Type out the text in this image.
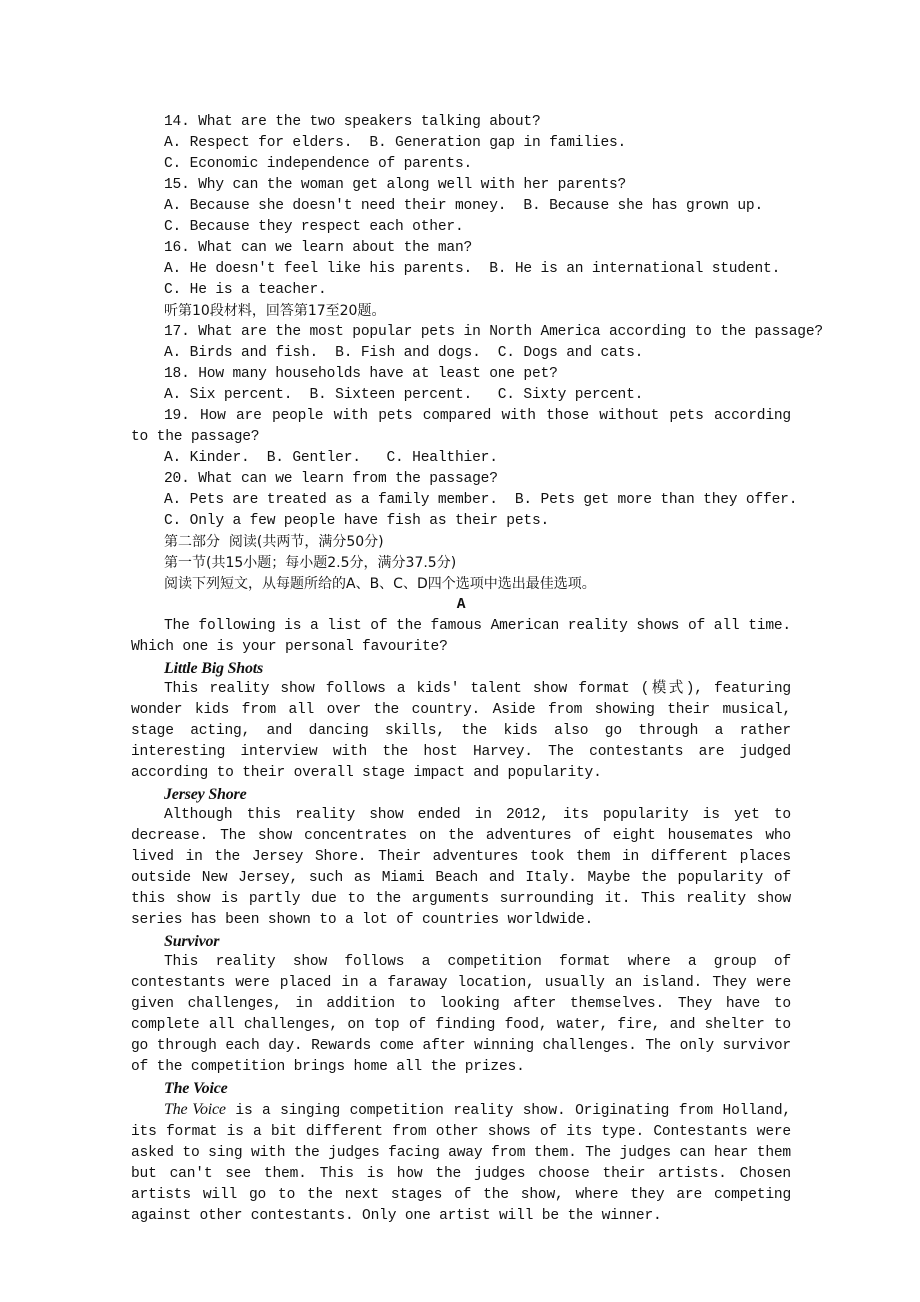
14. What are the two speakers talking about?
A. Respect for elders.  B. Generation gap in families.
C. Economic independence of parents.
15. Why can the woman get along well with her parents?
A. Because she doesn't need their money.  B. Because she has grown up.
C. Because they respect each other.
16. What can we learn about the man?
A. He doesn't feel like his parents.  B. He is an international student.
C. He is a teacher.
听第10段材料，回答第17至20题。
17. What are the most popular pets in North America according to the passage?
A. Birds and fish.  B. Fish and dogs.  C. Dogs and cats.
18. How many households have at least one pet?
A. Six percent.  B. Sixteen percent.   C. Sixty percent.
19. How are people with pets compared with those without pets according to the passage?
A. Kinder.  B. Gentler.   C. Healthier.
20. What can we learn from the passage?
A. Pets are treated as a family member.  B. Pets get more than they offer.
C. Only a few people have fish as their pets.
第二部分  阅读(共两节，满分50分)
第一节(共15小题；每小题2.5分，满分37.5分)
阅读下列短文，从每题所给的A、B、C、D四个选项中选出最佳选项。
A
The following is a list of the famous American reality shows of all time. Which one is your personal favourite?
Little Big Shots
This reality show follows a kids' talent show format (模式), featuring wonder kids from all over the country. Aside from showing their musical, stage acting, and dancing skills, the kids also go through a rather interesting interview with the host Harvey. The contestants are judged according to their overall stage impact and popularity.
Jersey Shore
Although this reality show ended in 2012, its popularity is yet to decrease. The show concentrates on the adventures of eight housemates who lived in the Jersey Shore. Their adventures took them in different places outside New Jersey, such as Miami Beach and Italy. Maybe the popularity of this show is partly due to the arguments surrounding it. This reality show series has been shown to a lot of countries worldwide.
Survivor
This reality show follows a competition format where a group of contestants were placed in a faraway location, usually an island. They were given challenges, in addition to looking after themselves. They have to complete all challenges, on top of finding food, water, fire, and shelter to go through each day. Rewards come after winning challenges. The only survivor of the competition brings home all the prizes.
The Voice
The Voice is a singing competition reality show. Originating from Holland, its format is a bit different from other shows of its type. Contestants were asked to sing with the judges facing away from them. The judges can hear them but can't see them. This is how the judges choose their artists. Chosen artists will go to the next stages of the show, where they are competing against other contestants. Only one artist will be the winner.
